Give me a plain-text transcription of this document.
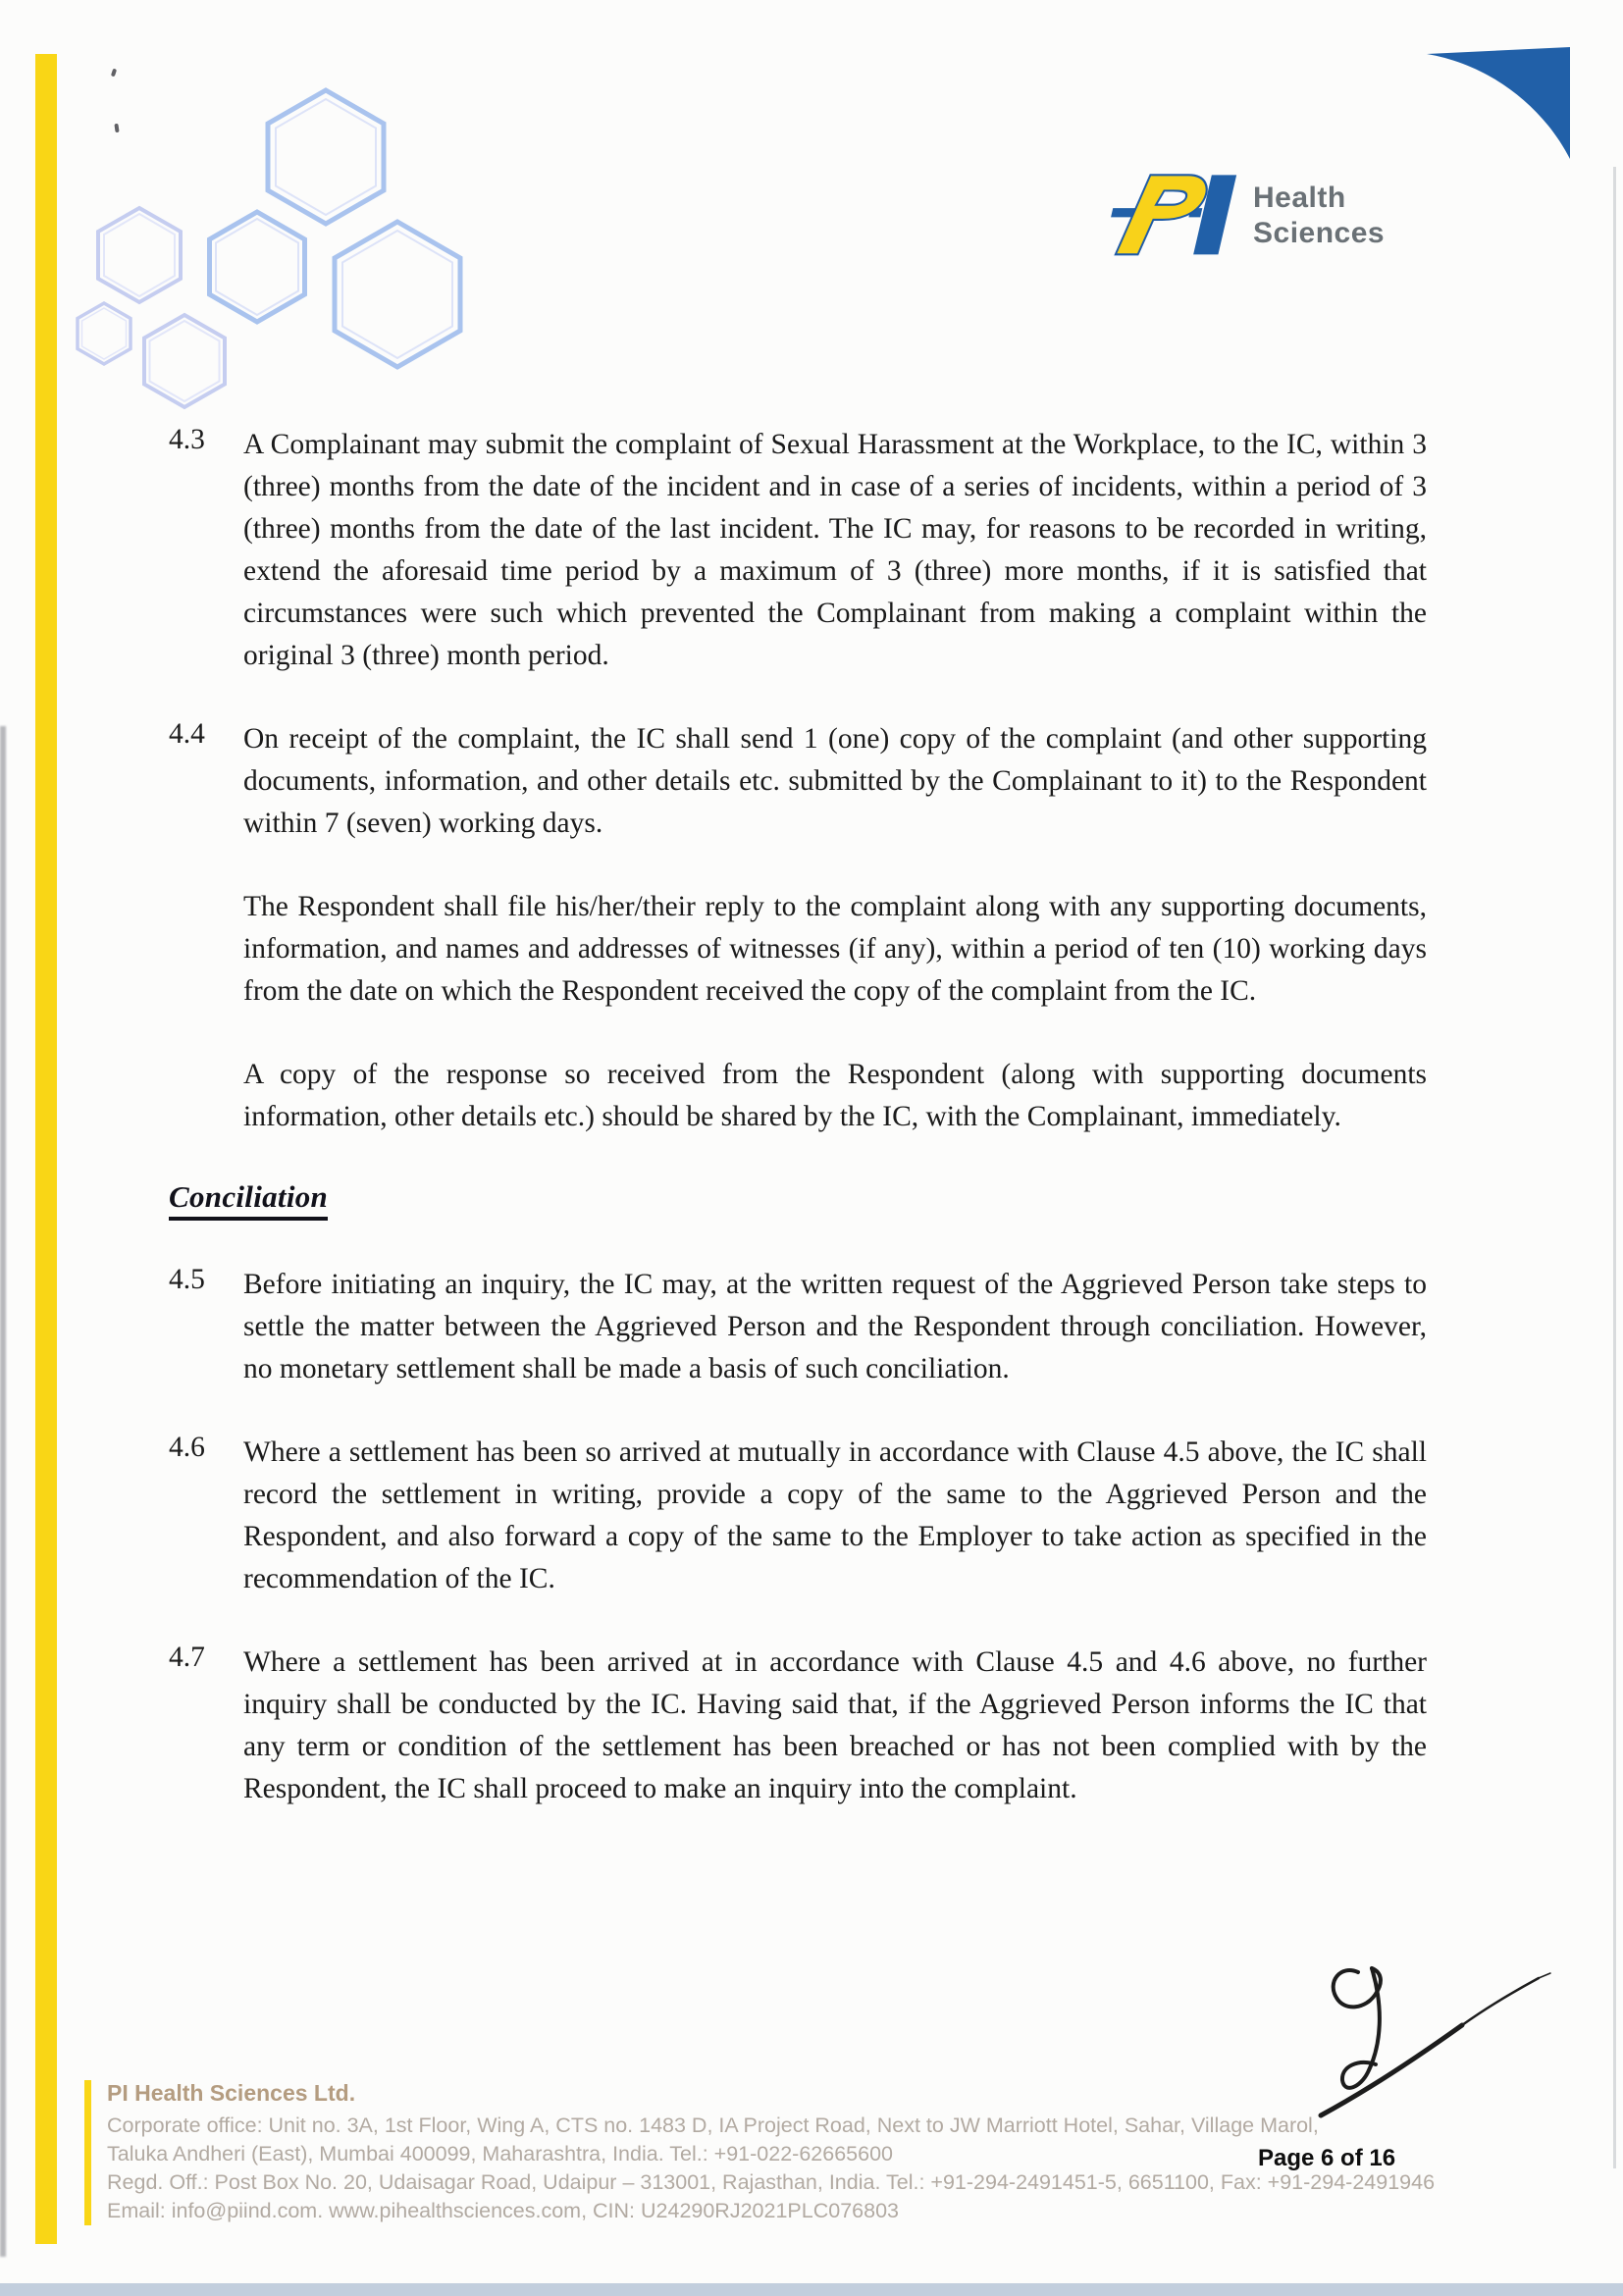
Health
Sciences
4.3	A Complainant may submit the complaint of Sexual Harassment at the Workplace, to the IC, within 3 (three) months from the date of the incident and in case of a series of incidents, within a period of 3 (three) months from the date of the last incident. The IC may, for reasons to be recorded in writing, extend the aforesaid time period by a maximum of 3 (three) more months, if it is satisfied that circumstances were such which prevented the Complainant from making a complaint within the original 3 (three) month period.

4.4	On receipt of the complaint, the IC shall send 1 (one) copy of the complaint (and other supporting documents, information, and other details etc. submitted by the Complainant to it) to the Respondent within 7 (seven) working days.

The Respondent shall file his/her/their reply to the complaint along with any supporting documents, information, and names and addresses of witnesses (if any), within a period of ten (10) working days from the date on which the Respondent received the copy of the complaint from the IC.

A copy of the response so received from the Respondent (along with supporting documents information, other details etc.) should be shared by the IC, with the Complainant, immediately.

Conciliation
4.5	Before initiating an inquiry, the IC may, at the written request of the Aggrieved Person take steps to settle the matter between the Aggrieved Person and the Respondent through conciliation. However, no monetary settlement shall be made a basis of such conciliation.

4.6	Where a settlement has been so arrived at mutually in accordance with Clause 4.5 above, the IC shall record the settlement in writing, provide a copy of the same to the Aggrieved Person and the Respondent, and also forward a copy of the same to the Employer to take action as specified in the recommendation of the IC.

4.7	Where a settlement has been arrived at in accordance with Clause 4.5 and 4.6 above, no further inquiry shall be conducted by the IC. Having said that, if the Aggrieved Person informs the IC that any term or condition of the settlement has been breached or has not been complied with by the Respondent, the IC shall proceed to make an inquiry into the complaint.

PI Health Sciences Ltd.
Corporate office: Unit no. 3A, 1st Floor, Wing A, CTS no. 1483 D, IA Project Road, Next to JW Marriott Hotel, Sahar, Village Marol,
Taluka Andheri (East), Mumbai 400099, Maharashtra, India. Tel.: +91-022-62665600
Regd. Off.: Post Box No. 20, Udaisagar Road, Udaipur – 313001, Rajasthan, India. Tel.: +91-294-2491451-5, 6651100, Fax: +91-294-2491946
Email: info@piind.com. www.pihealthsciences.com, CIN: U24290RJ2021PLC076803
Page 6 of 16
